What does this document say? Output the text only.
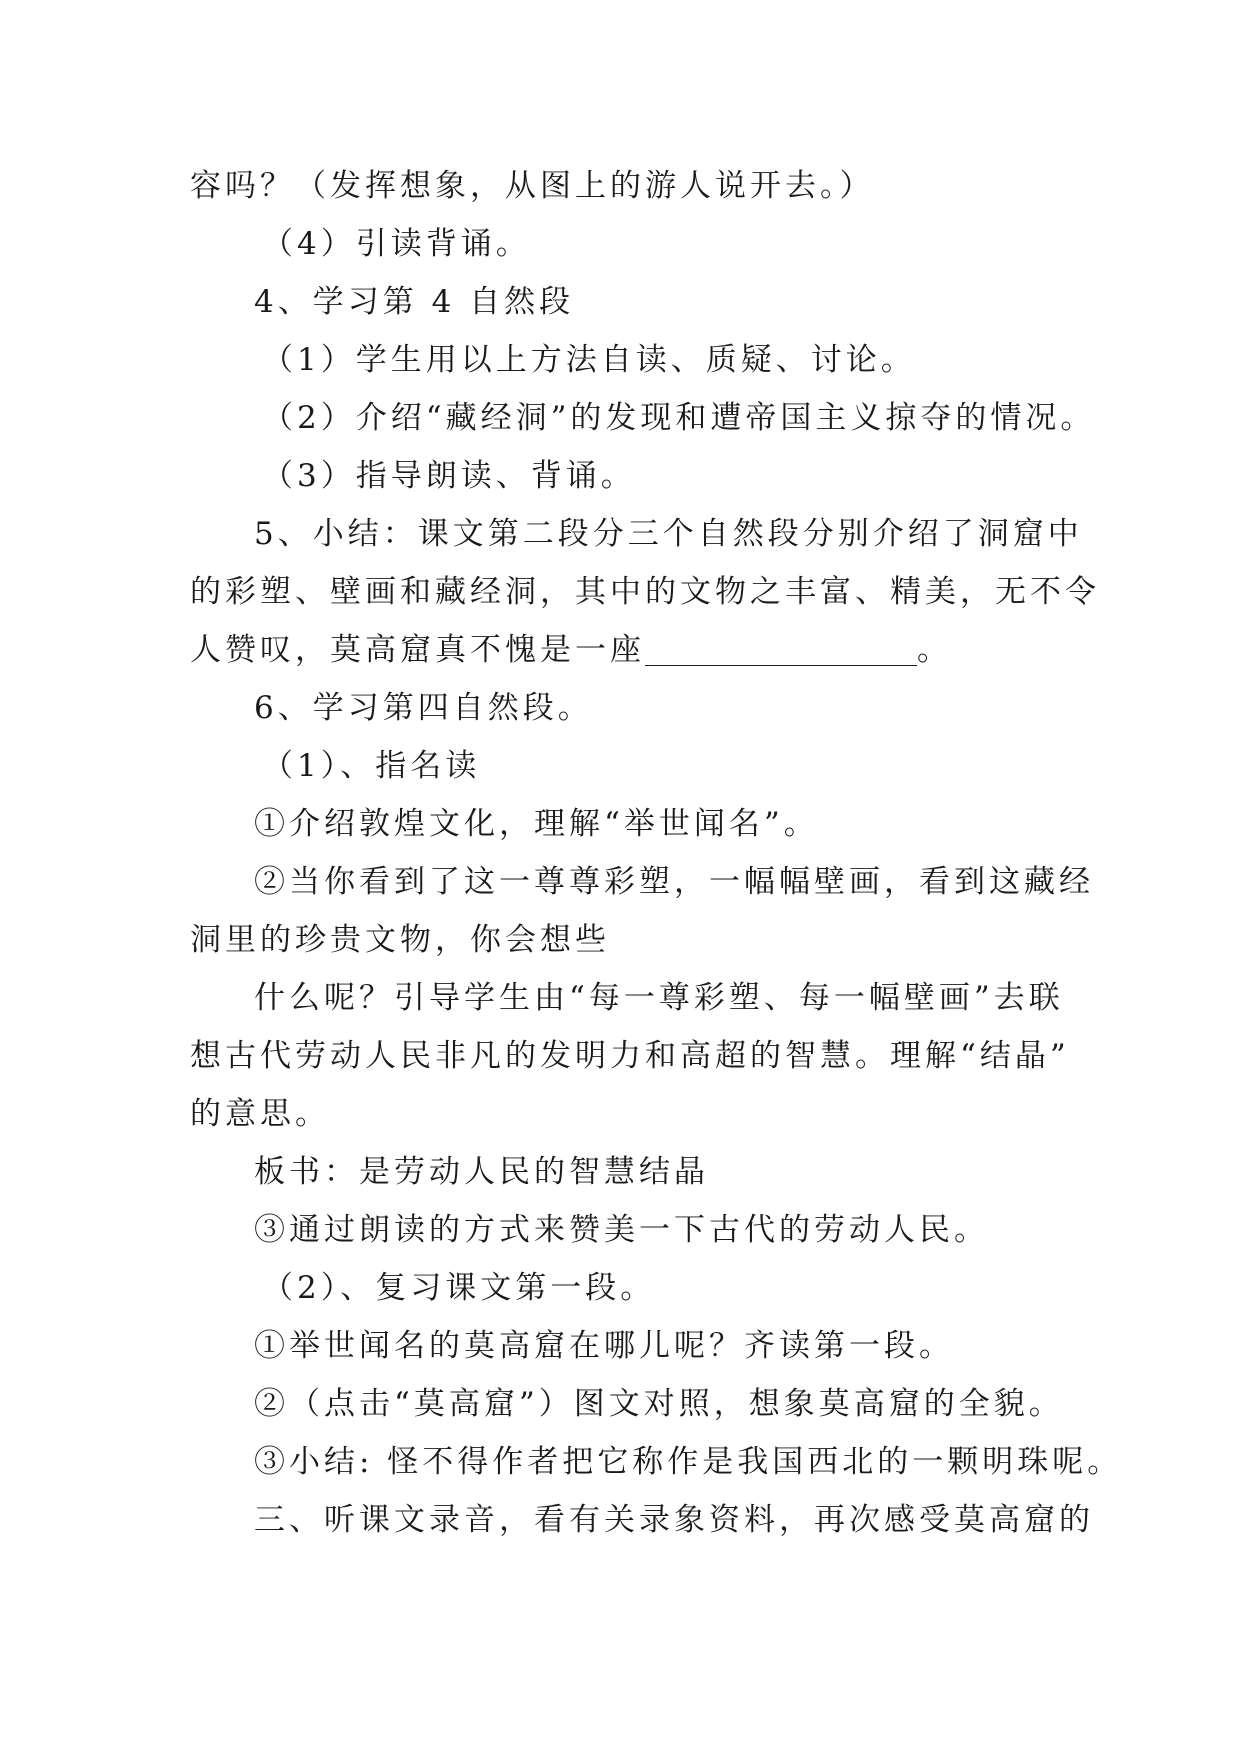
容吗？（发挥想象，从图上的游人说开去。）
（4）引读背诵。
4、学习第 4 自然段
（1）学生用以上方法自读、质疑、讨论。
（2）介绍“藏经洞”的发现和遭帝国主义掠夺的情况。
（3）指导朗读、背诵。
5、小结：课文第二段分三个自然段分别介绍了洞窟中
的彩塑、壁画和藏经洞，其中的文物之丰富、精美，无不令
人赞叹，莫高窟真不愧是一座	。
6、学习第四自然段。
（1）、指名读
①介绍敦煌文化，理解“举世闻名”。
②当你看到了这一尊尊彩塑，一幅幅壁画，看到这藏经
洞里的珍贵文物，你会想些
什么呢？引导学生由“每一尊彩塑、每一幅壁画”去联
想古代劳动人民非凡的发明力和高超的智慧。理解“结晶”
的意思。
板书：是劳动人民的智慧结晶
③通过朗读的方式来赞美一下古代的劳动人民。
（2）、复习课文第一段。
①举世闻名的莫高窟在哪儿呢？齐读第一段。
②（点击“莫高窟”）图文对照，想象莫高窟的全貌。
③小结: 怪不得作者把它称作是我国西北的一颗明珠呢。
三、听课文录音，看有关录象资料，再次感受莫高窟的
